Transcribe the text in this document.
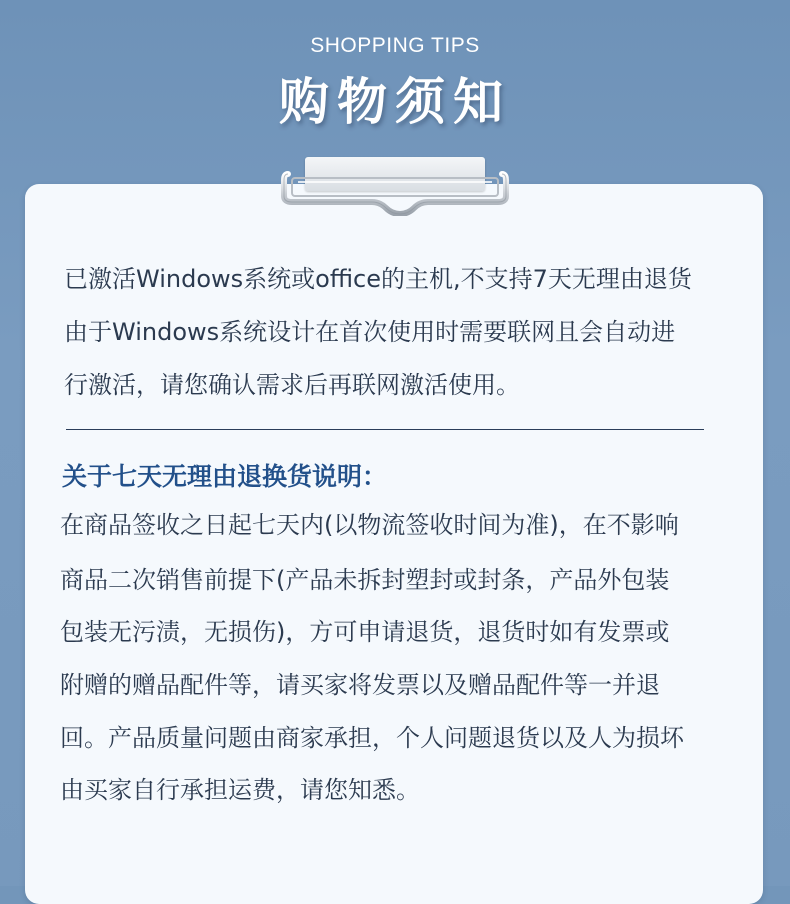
SHOPPING TIPS
购物须知
已激活Windows系统或office的主机,不支持7天无理由退货
由于Windows系统设计在首次使用时需要联网且会自动进
行激活，请您确认需求后再联网激活使用。
关于七天无理由退换货说明：
在商品签收之日起七天内(以物流签收时间为准)，在不影响
商品二次销售前提下(产品未拆封塑封或封条，产品外包装
包装无污渍，无损伤)，方可申请退货，退货时如有发票或
附赠的赠品配件等，请买家将发票以及赠品配件等一并退
回。产品质量问题由商家承担，个人问题退货以及人为损坏
由买家自行承担运费，请您知悉。
